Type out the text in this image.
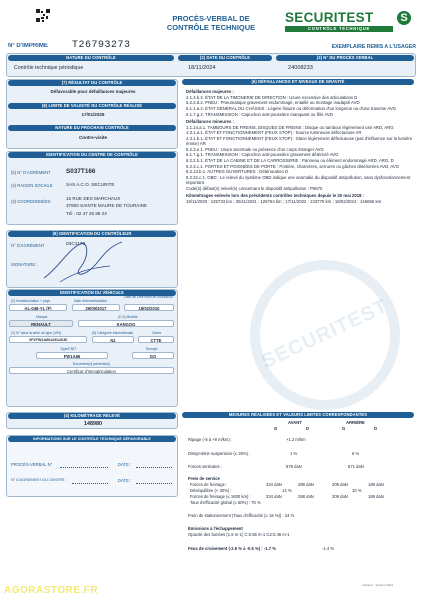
PROCÈS-VERBAL DE
CONTRÔLE TECHNIQUE
SECURITEST
CONTRÔLE TECHNIQUE
S
N° D'IMPRIMÉ T26793273	EXEMPLAIRE REMIS A L'USAGER
NATURE DU CONTRÔLE
Contrôle technique périodique
(2) DATE DU CONTRÔLE
18/11/2024
(3) N° DU PROCÈS VERBAL
24008233
(7) RÉSULTAT DU CONTRÔLE
Défavorable pour défaillances majeures
(8) LIMITE DE VALIDITÉ DU CONTRÔLE RÉALISÉ
17/01/2025
NATURE DU PROCHAIN CONTRÔLE
Contre-visite
IDENTIFICATION DU CENTRE DE CONTRÔLE
(5) N° D'AGRÉMENT S037T166
(4) RAISON SOCIALE	SAS A.C.O. SECURITE
(3) COORDONNÉES
15 RUE DES MARCHAUX
37800 SAINTE MAURE DE TOURAINE
Tél : 02 47 25 88 24
(9) IDENTIFICATION DU CONTRÔLEUR
N° D'AGRÉMENT	03C1170
SIGNATURE :
IDENTIFICATION DU VÉHICULE
(2) Immatriculation + pays
AL-048-YL (F)
Date d'immatriculation
26/09/2017
Date de 1ère mise en circulation
18/02/2010
Marque
RENAULT
(D.3) Modèle
KANGOO
(1) N° dans la série du type (VIN)
VF1FW1A8642612630
(5) Catégorie internationale
N1
Genre
CTTE
Type/CNIT
FW1A86
Énergie
GO
Document(s) présenté(s)
Certificat d'immatriculation
(4) KILOMÉTRAGE RELEVÉ
148980
INFORMATIONS SUR LE CONTRÔLE TECHNIQUE DÉFAVORABLE
PROCÈS-VERBAL N°	DATE :
N° D'AGRÉMENT DU CENTRE :	DATE :
SECURITEST
(6) DÉFAILLANCES ET NIVEAUX DE GRAVITÉ

Défaillances majeures :

2.1.3.b.2. ÉTAT DE LA TIMONERIE DE DIRECTION : Usure excessive des articulations D

5.2.3.d.2. PNEU : Pneumatique gravement endommagé, entaillé ou montage inadapté AVD

6.1.1.a.2. ÉTAT GÉNÉRAL DU CHÂSSIS : Légère fissure ou déformation d'un longeron ou d'une traverse AVG

6.1.7.g.2. TRANSMISSION : Capuchon anti-poussière manquant ou fêlé AVD

Défaillances mineures :

1.1.14.a.1. TAMBOURS DE FREINS, DISQUES DE FREINS : Disque ou tambour légèrement usé ARD, ARG

4.3.1.a.1. ÉTAT ET FONCTIONNEMENT (FEUX STOP) : Source lumineuse défectueuse AR

4.3.1.b.1. ÉTAT ET FONCTIONNEMENT (FEUX STOP) : Glace légèrement défectueuse (pas d'influence sur la lumière émise) AR

5.2.3.e.1. PNEU : Usure anormale ou présence d'un corps étranger AVG

6.1.7.g.1. TRANSMISSION : Capuchon anti-poussière gravement détérioré AVG

6.2.2.b.1. ÉTAT DE LA CABINE ET DE LA CARROSSERIE : Panneau ou élément endommagé ARD, ARG, D

6.2.3.c.1. PORTES ET POIGNÉES DE PORTE : Portière, charnières, serrures ou gâches détériorées AVD, AVG

8.2.13.b.1. AUTRES OUVERTURES : Détérioration D

8.2.22.c.1. OBD : Le relevé du système OBD indique une anomalie du dispositif antipollution, sans dysfonctionnement important

Code(s) défaut(s) relevé(s) concernant le dispositif antipollution : P0670

Kilométrages enlevés lors des précédents contrôles techniques depuis le 20 mai 2018 :

19/11/2020 : 125733 km ; 30/11/2021 : 126764 km ; 17/11/2022 : 133779 km ; 18/02/2024 : 146656 km

MESURES RÉALISÉES ET VALEURS LIMITES CORRESPONDANTES
AVANT	ARRIÈRE
G	D	G	D
Ripage (-8 à +8 m/km) :	+1.2 m/km
Dissymétrie suspension (≤ 30%) :	1 %	6 %
Forces verticales :	878 daN	571 daN
Frein de service
Forces de freinage :	334 daN	288 daN	209 daN	189 daN
Déséquilibre (< 30%) :	14 %	10 %
Forces de freinage (≤ 1600 km) :	334 daN	288 daN	209 daN	189 daN
Taux d'efficacité global (≥ 50%) : 70 %
Frein de stationnement (Taux d'efficacité (≥ 18 %)) : 24 %
Émissions à l'échappement
Opacité des fumées (1.5 m-1) C:0.55 m-1 C2:0.48 m-1
Feux de croisement (-2.5 % à -0.5 %) : -1.7 %	-1.4 %
Imprimé - Version 2024
AGORASTORE.FR
